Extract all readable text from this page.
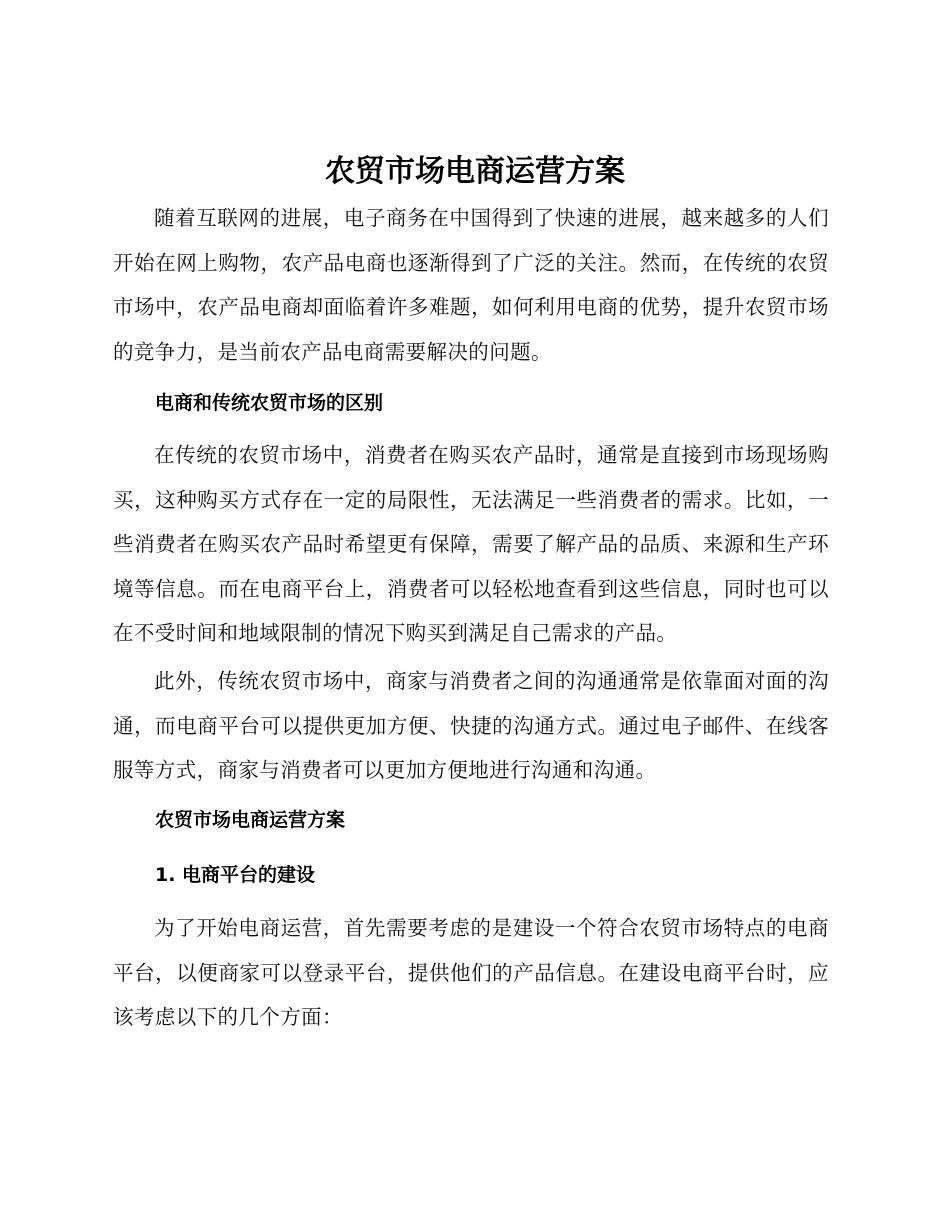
农贸市场电商运营方案

随着互联网的进展，电子商务在中国得到了快速的进展，越来越多的人们开始在网上购物，农产品电商也逐渐得到了广泛的关注。然而，在传统的农贸市场中，农产品电商却面临着许多难题，如何利用电商的优势，提升农贸市场的竞争力，是当前农产品电商需要解决的问题。

电商和传统农贸市场的区别

在传统的农贸市场中，消费者在购买农产品时，通常是直接到市场现场购买，这种购买方式存在一定的局限性，无法满足一些消费者的需求。比如，一些消费者在购买农产品时希望更有保障，需要了解产品的品质、来源和生产环境等信息。而在电商平台上，消费者可以轻松地查看到这些信息，同时也可以在不受时间和地域限制的情况下购买到满足自己需求的产品。

此外，传统农贸市场中，商家与消费者之间的沟通通常是依靠面对面的沟通，而电商平台可以提供更加方便、快捷的沟通方式。通过电子邮件、在线客服等方式，商家与消费者可以更加方便地进行沟通和沟通。

农贸市场电商运营方案
1. 电商平台的建设

为了开始电商运营，首先需要考虑的是建设一个符合农贸市场特点的电商平台，以便商家可以登录平台，提供他们的产品信息。在建设电商平台时，应该考虑以下的几个方面：
